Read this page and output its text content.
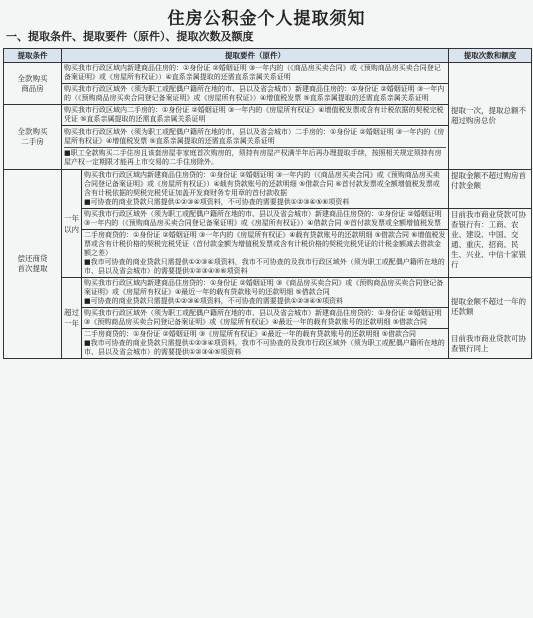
住房公积金个人提取须知
一、提取条件、提取要件（原件）、提取次数及额度
提取条件	提取要件（原件）		提取次数和额度
全款购买
商品房	购买我市行政区域内新建商品住房的：①身份证 ②婚姻证明 ③一年内的（《商品房买卖合同》或《预购商品房买卖合同登记备案证明》或《房屋所有权证》）④直系亲属提取的还需直系亲属关系证明		提取一次，提取总额不超过购房总价
	购买我市行政区域外（须为职工或配偶户籍所在地的市、县以及省会城市）新建商品住房的：①身份证 ②婚姻证明 ③一年内的（《预购商品房买卖合同登记备案证明》或《房屋所有权证》）④增值税发票 ⑤直系亲属提取的还需直系亲属关系证明		
全款购买
二手房	购买我市行政区域内二手房的：①身份证 ②婚姻证明 ③一年内的《房屋所有权证》④增值税发票或含有计税依据的契税完税凭证 ⑤直系亲属提取的还需直系亲属关系证明		

	购买我市行政区域外（须为职工或配偶户籍所在地的市、县以及省会城市）二手房的：①身份证 ②婚姻证明 ③一年内的《房屋所有权证》④增值税发票 ⑤直系亲属提取的还需直系亲属关系证明
■职工全款购买二手住房且该套房屋非家庭首次购房的，须持有房屋产权满半年后再办理提取手续，按照相关规定须持有房屋产权一定期限才能再上市交易的二手住房除外。		

偿还商贷
首次提取	一年
以内	购买我市行政区域内新建商品住房贷的：①身份证 ②婚姻证明 ③一年内的（《商品房买卖合同》或《预购商品房买卖合同登记备案证明》或《房屋所有权证》）④载有贷款账号的还款明细 ⑤借款合同 ⑥首付款发票或全额增值税发票或含有计税依据的契税完税凭证加盖开发商财务专用章的首付款收据
■可协查的商业贷款只需提供①②③④项资料，不可协查的需要提供①②③④⑤⑥项资料	提取金额不超过购房首付款金额
		购买我市行政区域外（须为职工或配偶户籍所在地的市、县以及省会城市）新建商品住房贷的：①身份证 ②婚姻证明 ③一年内的（《预购商品房买卖合同登记备案证明》或《房屋所有权证》）④借款合同 ⑤首付款发票或全额增值税发票	目前我市商业贷款可协查银行有：工商、农业、建设、中国、交通、重庆、招商、民生、兴业、中信十家银行
		二手房商贷的：①身份证 ②婚姻证明 ③一年内的《房屋所有权证》④载有贷款账号的还款明细 ⑤借款合同 ⑥增值税发票或含有计税价格的契税完税凭证（首付款金额为增值税发票或含有计税价格的契税完税凭证的计税金额减去借款金额之差）
■我市可协查的商业贷款只需提供①②③④项资料，我市不可协查的及我市行政区域外（须为职工或配偶户籍所在地的市、县以及省会城市）的需要提供①②③④⑤⑥项资料	
	超过
一年	购买我市行政区域内新建商品住房贷的：①身份证 ②婚姻证明 ③《商品房买卖合同》或《预购商品房买卖合同登记备案证明》或《房屋所有权证》④最近一年的载有贷款账号的还款明细 ⑤借款合同
■可协查的商业贷款只需提供①②③④项资料，不可协查的需要提供①②③④⑤项资料	提取金额不超过一年的还款额
目前我市商业贷款可协查银行同上

		购买我市行政区域外（须为职工或配偶户籍所在地的市、县以及省会城市）新建商品住房贷的：①身份证 ②婚姻证明 ③《预购商品房买卖合同登记备案证明》或《房屋所有权证》④最近一年的载有贷款账号的还款明细 ⑤借款合同	
		二手房商贷的：①身份证 ②婚姻证明 ③《房屋所有权证》④最近一年的载有贷款账号的还款明细 ⑤借款合同
■我市可协查的商业贷款只需提供①②③④项资料，我市不可协查的及我市行政区域外（须为职工或配偶户籍所在地的市、县以及省会城市）的需要提供①②③④⑤项资料	
